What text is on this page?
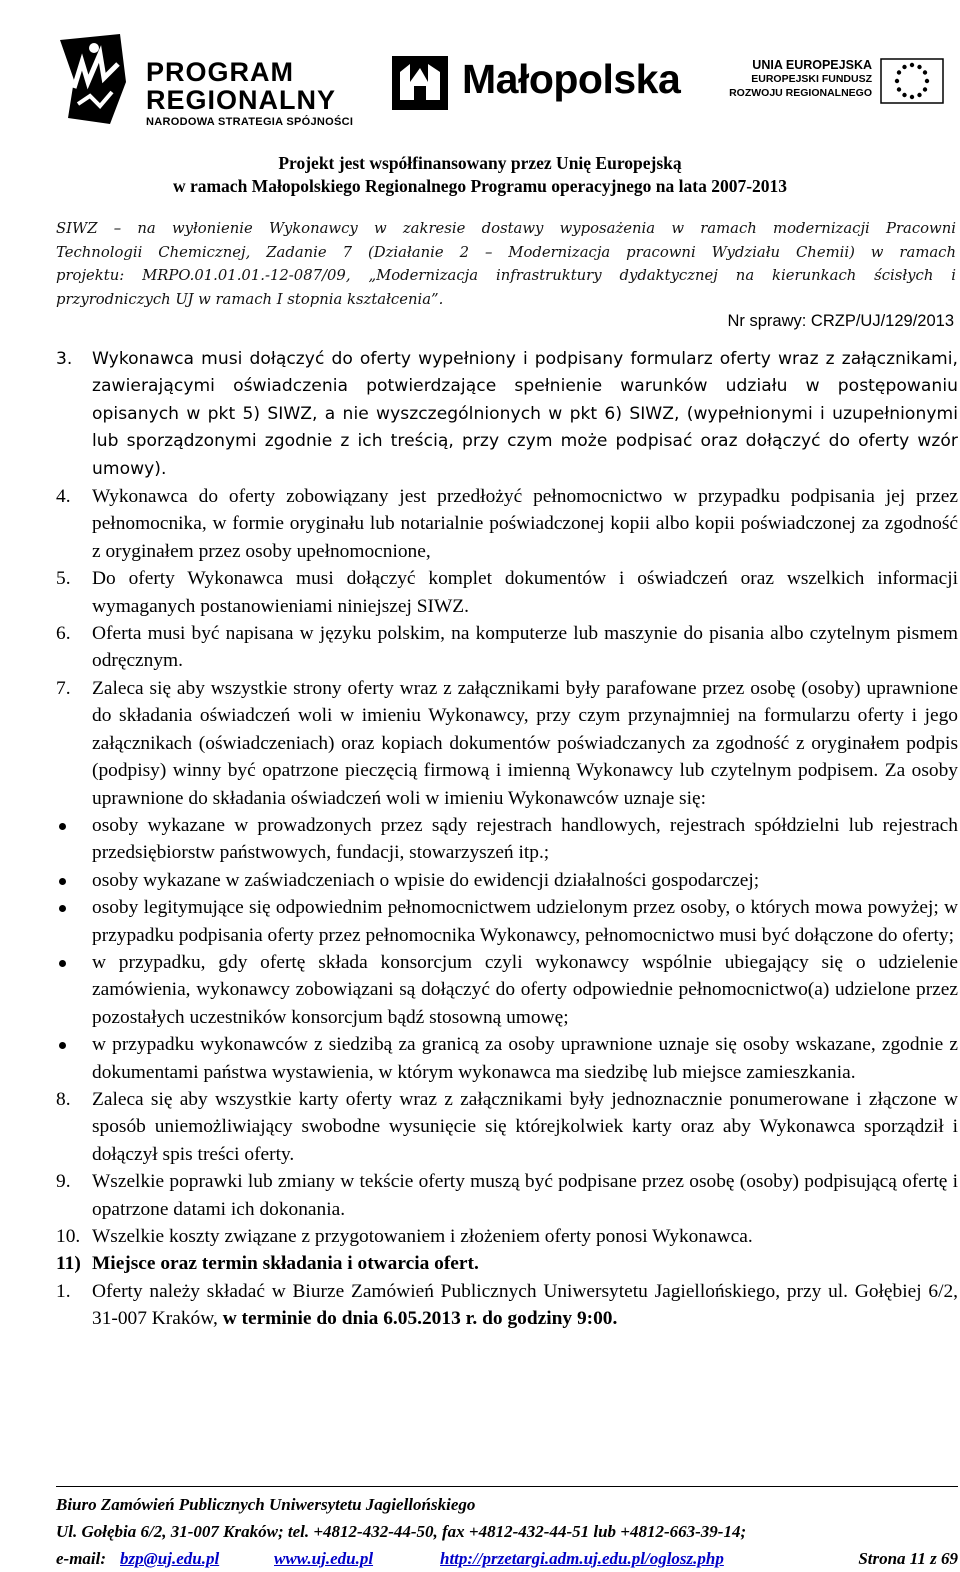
PROGRAM
REGIONALNY
NARODOWA STRATEGIA SPÓJNOŚCI
Małopolska	UNIA EUROPEJSKA
EUROPEJSKI FUNDUSZ
ROZWOJU REGIONALNEGO
Projekt jest współfinansowany przez Unię Europejską
w ramach Małopolskiego Regionalnego Programu operacyjnego na lata 2007-2013
SIWZ – na wyłonienie Wykonawcy w zakresie dostawy wyposażenia w ramach modernizacji Pracowni
Technologii Chemicznej, Zadanie 7 (Działanie 2 – Modernizacja pracowni Wydziału Chemii) w ramach
projektu: MRPO.01.01.01.-12-087/09, „Modernizacja infrastruktury dydaktycznej na kierunkach ścisłych i
przyrodniczych UJ w ramach I stopnia kształcenia”.
Nr sprawy: CRZP/UJ/129/2013
3. Wykonawca musi dołączyć do oferty wypełniony i podpisany formularz oferty wraz z załącznikami, zawierającymi oświadczenia potwierdzające spełnienie warunków udziału w postępowaniu opisanych w pkt 5) SIWZ, a nie wyszczególnionych w pkt 6) SIWZ, (wypełnionymi i uzupełnionymi lub sporządzonymi zgodnie z ich treścią, przy czym może podpisać oraz dołączyć do oferty wzór umowy).
4. Wykonawca do oferty zobowiązany jest przedłożyć pełnomocnictwo w przypadku podpisania jej przez pełnomocnika, w formie oryginału lub notarialnie poświadczonej kopii albo kopii poświadczonej za zgodność z oryginałem przez osoby upełnomocnione,
5. Do oferty Wykonawca musi dołączyć komplet dokumentów i oświadczeń oraz wszelkich informacji wymaganych postanowieniami niniejszej SIWZ.
6. Oferta musi być napisana w języku polskim, na komputerze lub maszynie do pisania albo czytelnym pismem odręcznym.
7. Zaleca się aby wszystkie strony oferty wraz z załącznikami były parafowane przez osobę (osoby) uprawnione do składania oświadczeń woli w imieniu Wykonawcy, przy czym przynajmniej na formularzu oferty i jego załącznikach (oświadczeniach) oraz kopiach dokumentów poświadczanych za zgodność z oryginałem podpis (podpisy) winny być opatrzone pieczęcią firmową i imienną Wykonawcy lub czytelnym podpisem. Za osoby uprawnione do składania oświadczeń woli w imieniu Wykonawców uznaje się:
osoby wykazane w prowadzonych przez sądy rejestrach handlowych, rejestrach spółdzielni lub rejestrach przedsiębiorstw państwowych, fundacji, stowarzyszeń itp.;
osoby wykazane w zaświadczeniach o wpisie do ewidencji działalności gospodarczej;
osoby legitymujące się odpowiednim pełnomocnictwem udzielonym przez osoby, o których mowa powyżej; w przypadku podpisania oferty przez pełnomocnika Wykonawcy, pełnomocnictwo musi być dołączone do oferty;
w przypadku, gdy ofertę składa konsorcjum czyli wykonawcy wspólnie ubiegający się o udzielenie zamówienia, wykonawcy zobowiązani są dołączyć do oferty odpowiednie pełnomocnictwo(a) udzielone przez pozostałych uczestników konsorcjum bądź stosowną umowę;
w przypadku wykonawców z siedzibą za granicą za osoby uprawnione uznaje się osoby wskazane, zgodnie z dokumentami państwa wystawienia, w którym wykonawca ma siedzibę lub miejsce zamieszkania.
8. Zaleca się aby wszystkie karty oferty wraz z załącznikami były jednoznacznie ponumerowane i złączone w sposób uniemożliwiający swobodne wysunięcie się którejkolwiek karty oraz aby Wykonawca sporządził i dołączył spis treści oferty.
9. Wszelkie poprawki lub zmiany w tekście oferty muszą być podpisane przez osobę (osoby) podpisującą ofertę i opatrzone datami ich dokonania.
10. Wszelkie koszty związane z przygotowaniem i złożeniem oferty ponosi Wykonawca.
11) Miejsce oraz termin składania i otwarcia ofert.
1. Oferty należy składać w Biurze Zamówień Publicznych Uniwersytetu Jagiellońskiego, przy ul. Gołębiej 6/2, 31-007 Kraków, w terminie do dnia 6.05.2013 r. do godziny 9:00.
Biuro Zamówień Publicznych Uniwersytetu Jagiellońskiego
Ul. Gołębia 6/2, 31-007 Kraków; tel. +4812-432-44-50, fax +4812-432-44-51 lub +4812-663-39-14;
e-mail: bzp@uj.edu.pl	www.uj.edu.pl	http://przetargi.adm.uj.edu.pl/oglosz.php	Strona 11 z 69
